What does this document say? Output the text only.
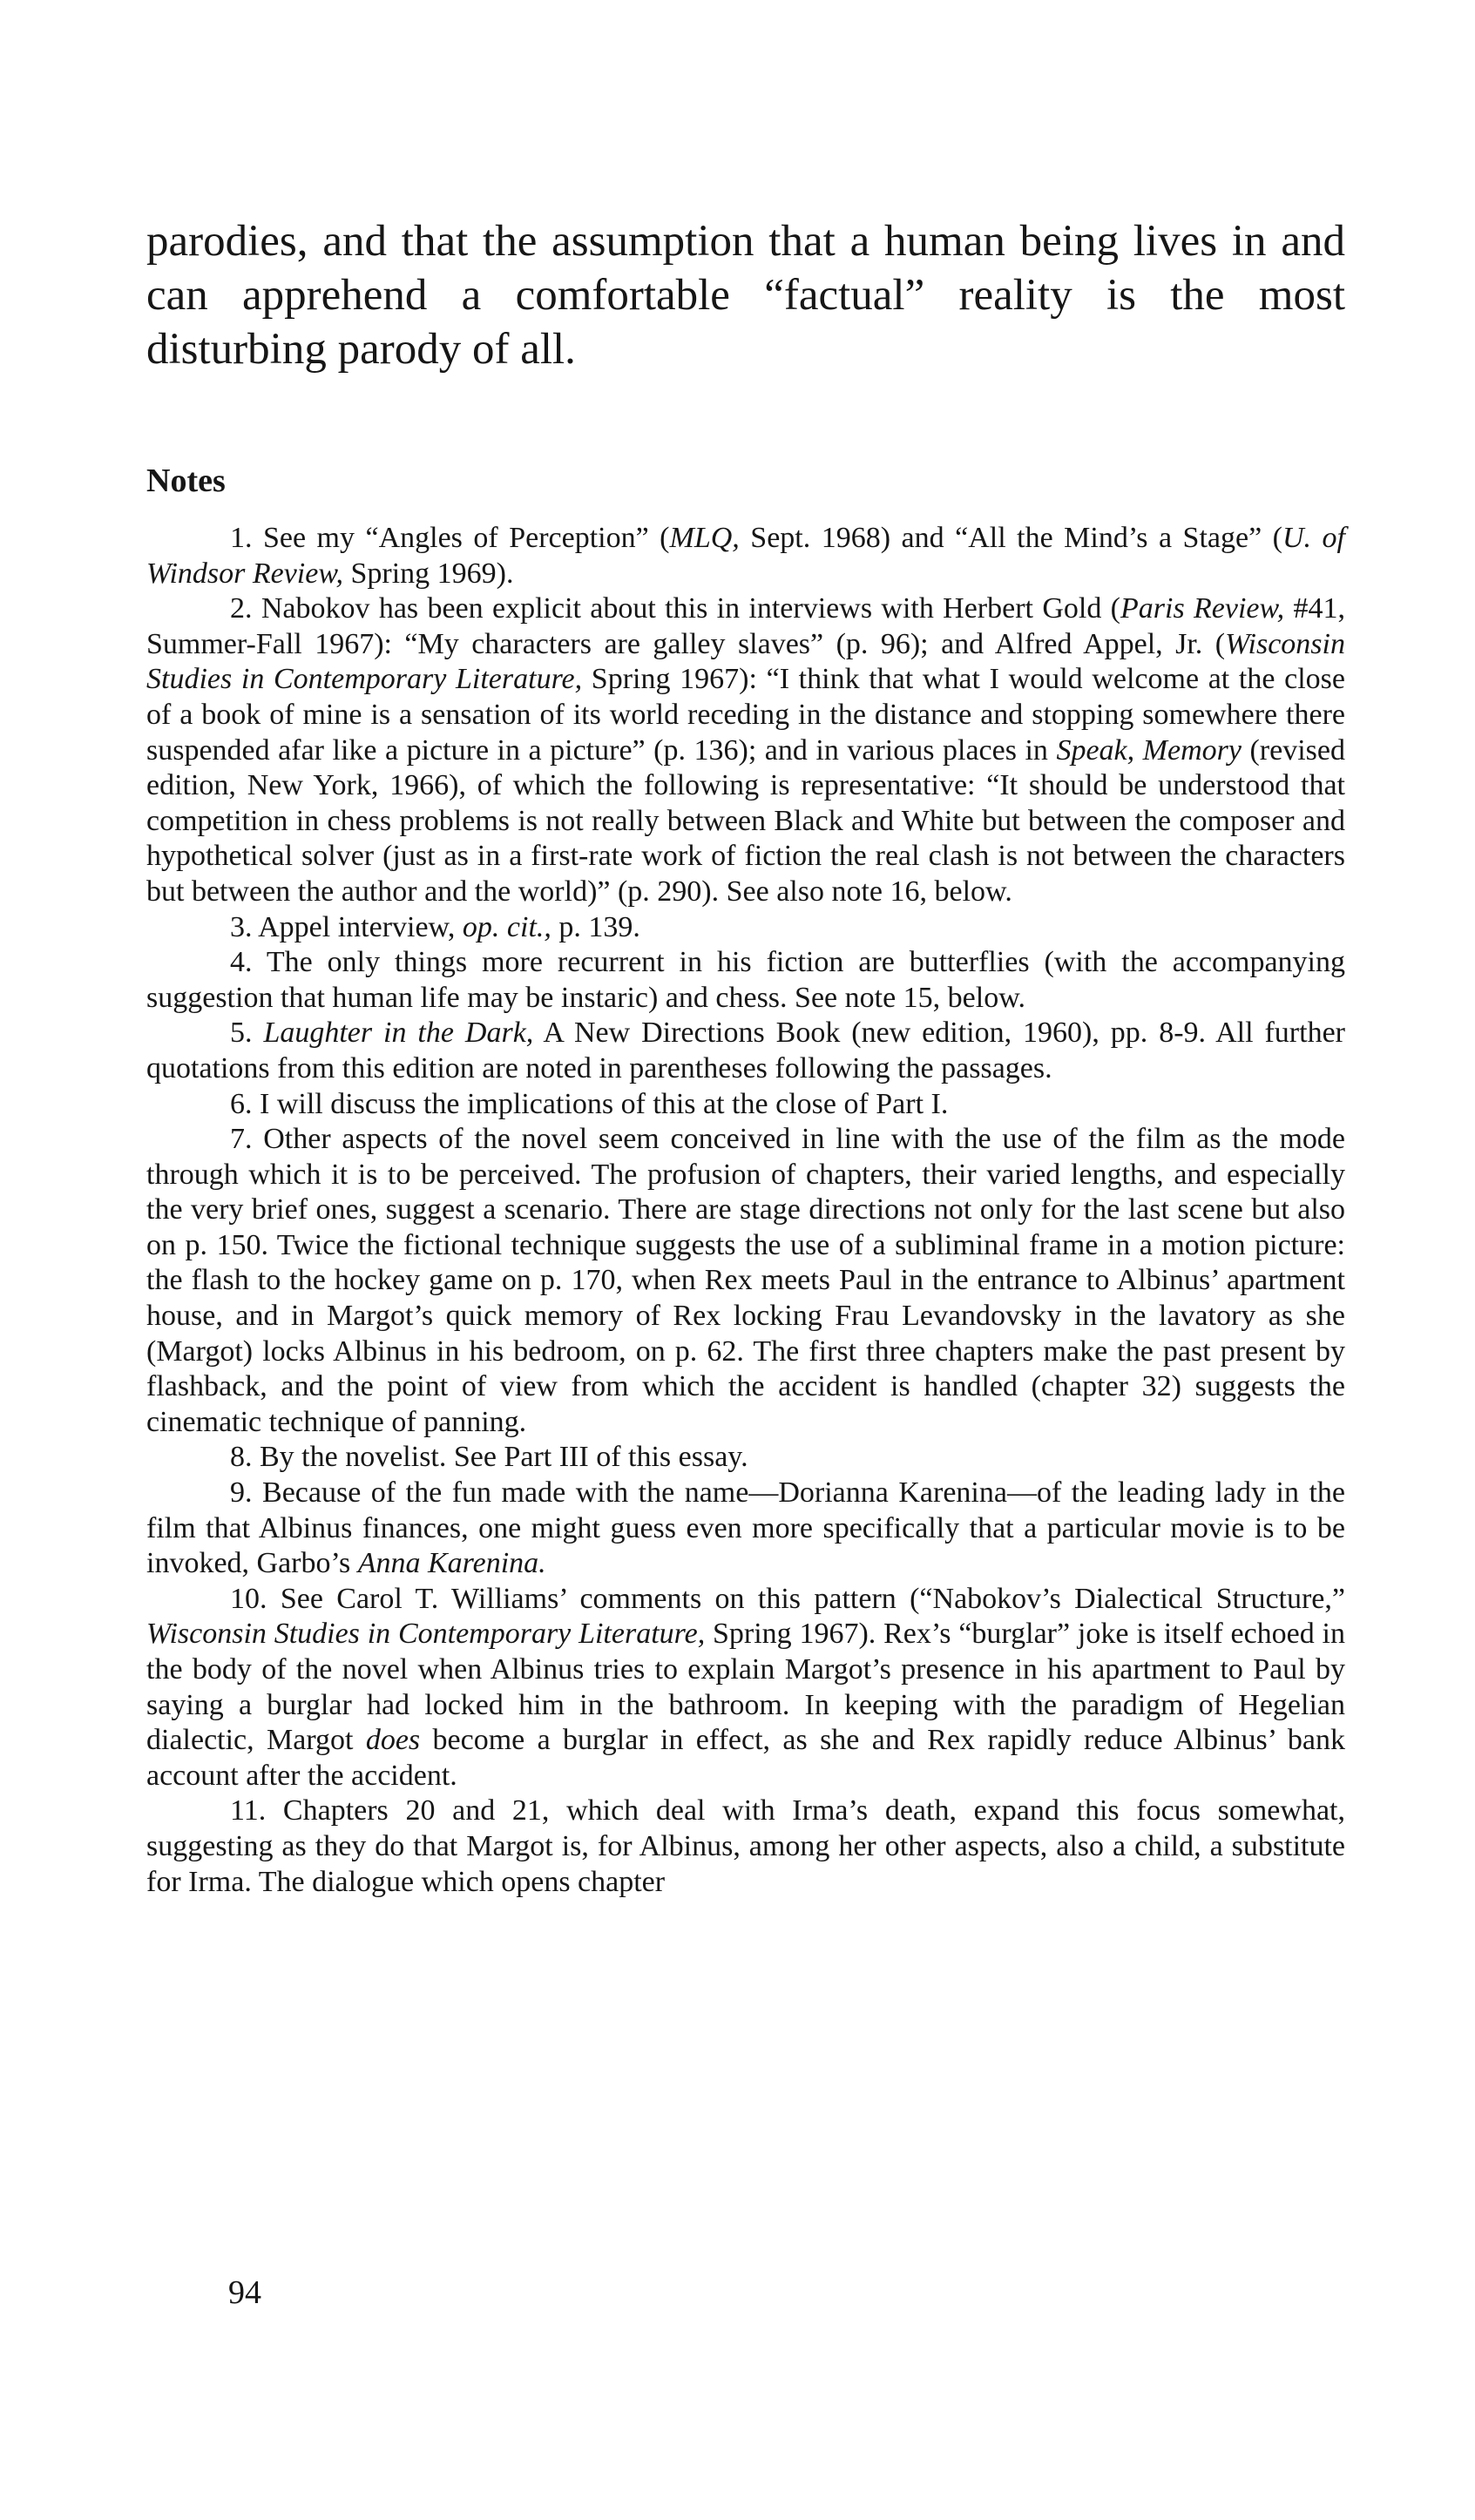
parodies, and that the assumption that a human being lives in and can apprehend a comfortable “factual” reality is the most disturbing parody of all.

Notes

1. See my “Angles of Perception” (MLQ, Sept. 1968) and “All the Mind’s a Stage” (U. of Windsor Review, Spring 1969).

2. Nabokov has been explicit about this in interviews with Herbert Gold (Paris Review, #41, Summer-Fall 1967): “My characters are galley slaves” (p. 96); and Alfred Appel, Jr. (Wisconsin Studies in Contemporary Literature, Spring 1967): “I think that what I would welcome at the close of a book of mine is a sensation of its world receding in the distance and stopping somewhere there suspended afar like a picture in a picture” (p. 136); and in various places in Speak, Memory (revised edition, New York, 1966), of which the following is representative: “It should be understood that competition in chess problems is not really between Black and White but between the composer and hypothetical solver (just as in a first-rate work of fiction the real clash is not between the characters but between the author and the world)” (p. 290). See also note 16, below.

3. Appel interview, op. cit., p. 139.

4. The only things more recurrent in his fiction are butterflies (with the accompanying suggestion that human life may be instaric) and chess. See note 15, below.

5. Laughter in the Dark, A New Directions Book (new edition, 1960), pp. 8-9. All further quotations from this edition are noted in parentheses following the passages.

6. I will discuss the implications of this at the close of Part I.

7. Other aspects of the novel seem conceived in line with the use of the film as the mode through which it is to be perceived. The profusion of chapters, their varied lengths, and especially the very brief ones, suggest a scenario. There are stage directions not only for the last scene but also on p. 150. Twice the fictional technique suggests the use of a subliminal frame in a motion picture: the flash to the hockey game on p. 170, when Rex meets Paul in the entrance to Albinus’ apartment house, and in Margot’s quick memory of Rex locking Frau Levandovsky in the lavatory as she (Margot) locks Albinus in his bedroom, on p. 62. The first three chapters make the past present by flashback, and the point of view from which the accident is handled (chapter 32) suggests the cinematic technique of panning.

8. By the novelist. See Part III of this essay.

9. Because of the fun made with the name—Dorianna Karenina—of the leading lady in the film that Albinus finances, one might guess even more specifically that a particular movie is to be invoked, Garbo’s Anna Karenina.

10. See Carol T. Williams’ comments on this pattern (“Nabokov’s Dialectical Structure,” Wisconsin Studies in Contemporary Literature, Spring 1967). Rex’s “burglar” joke is itself echoed in the body of the novel when Albinus tries to explain Margot’s presence in his apartment to Paul by saying a burglar had locked him in the bathroom. In keeping with the paradigm of Hegelian dialectic, Margot does become a burglar in effect, as she and Rex rapidly reduce Albinus’ bank account after the accident.

11. Chapters 20 and 21, which deal with Irma’s death, expand this focus somewhat, suggesting as they do that Margot is, for Albinus, among her other aspects, also a child, a substitute for Irma. The dialogue which opens chapter

94
